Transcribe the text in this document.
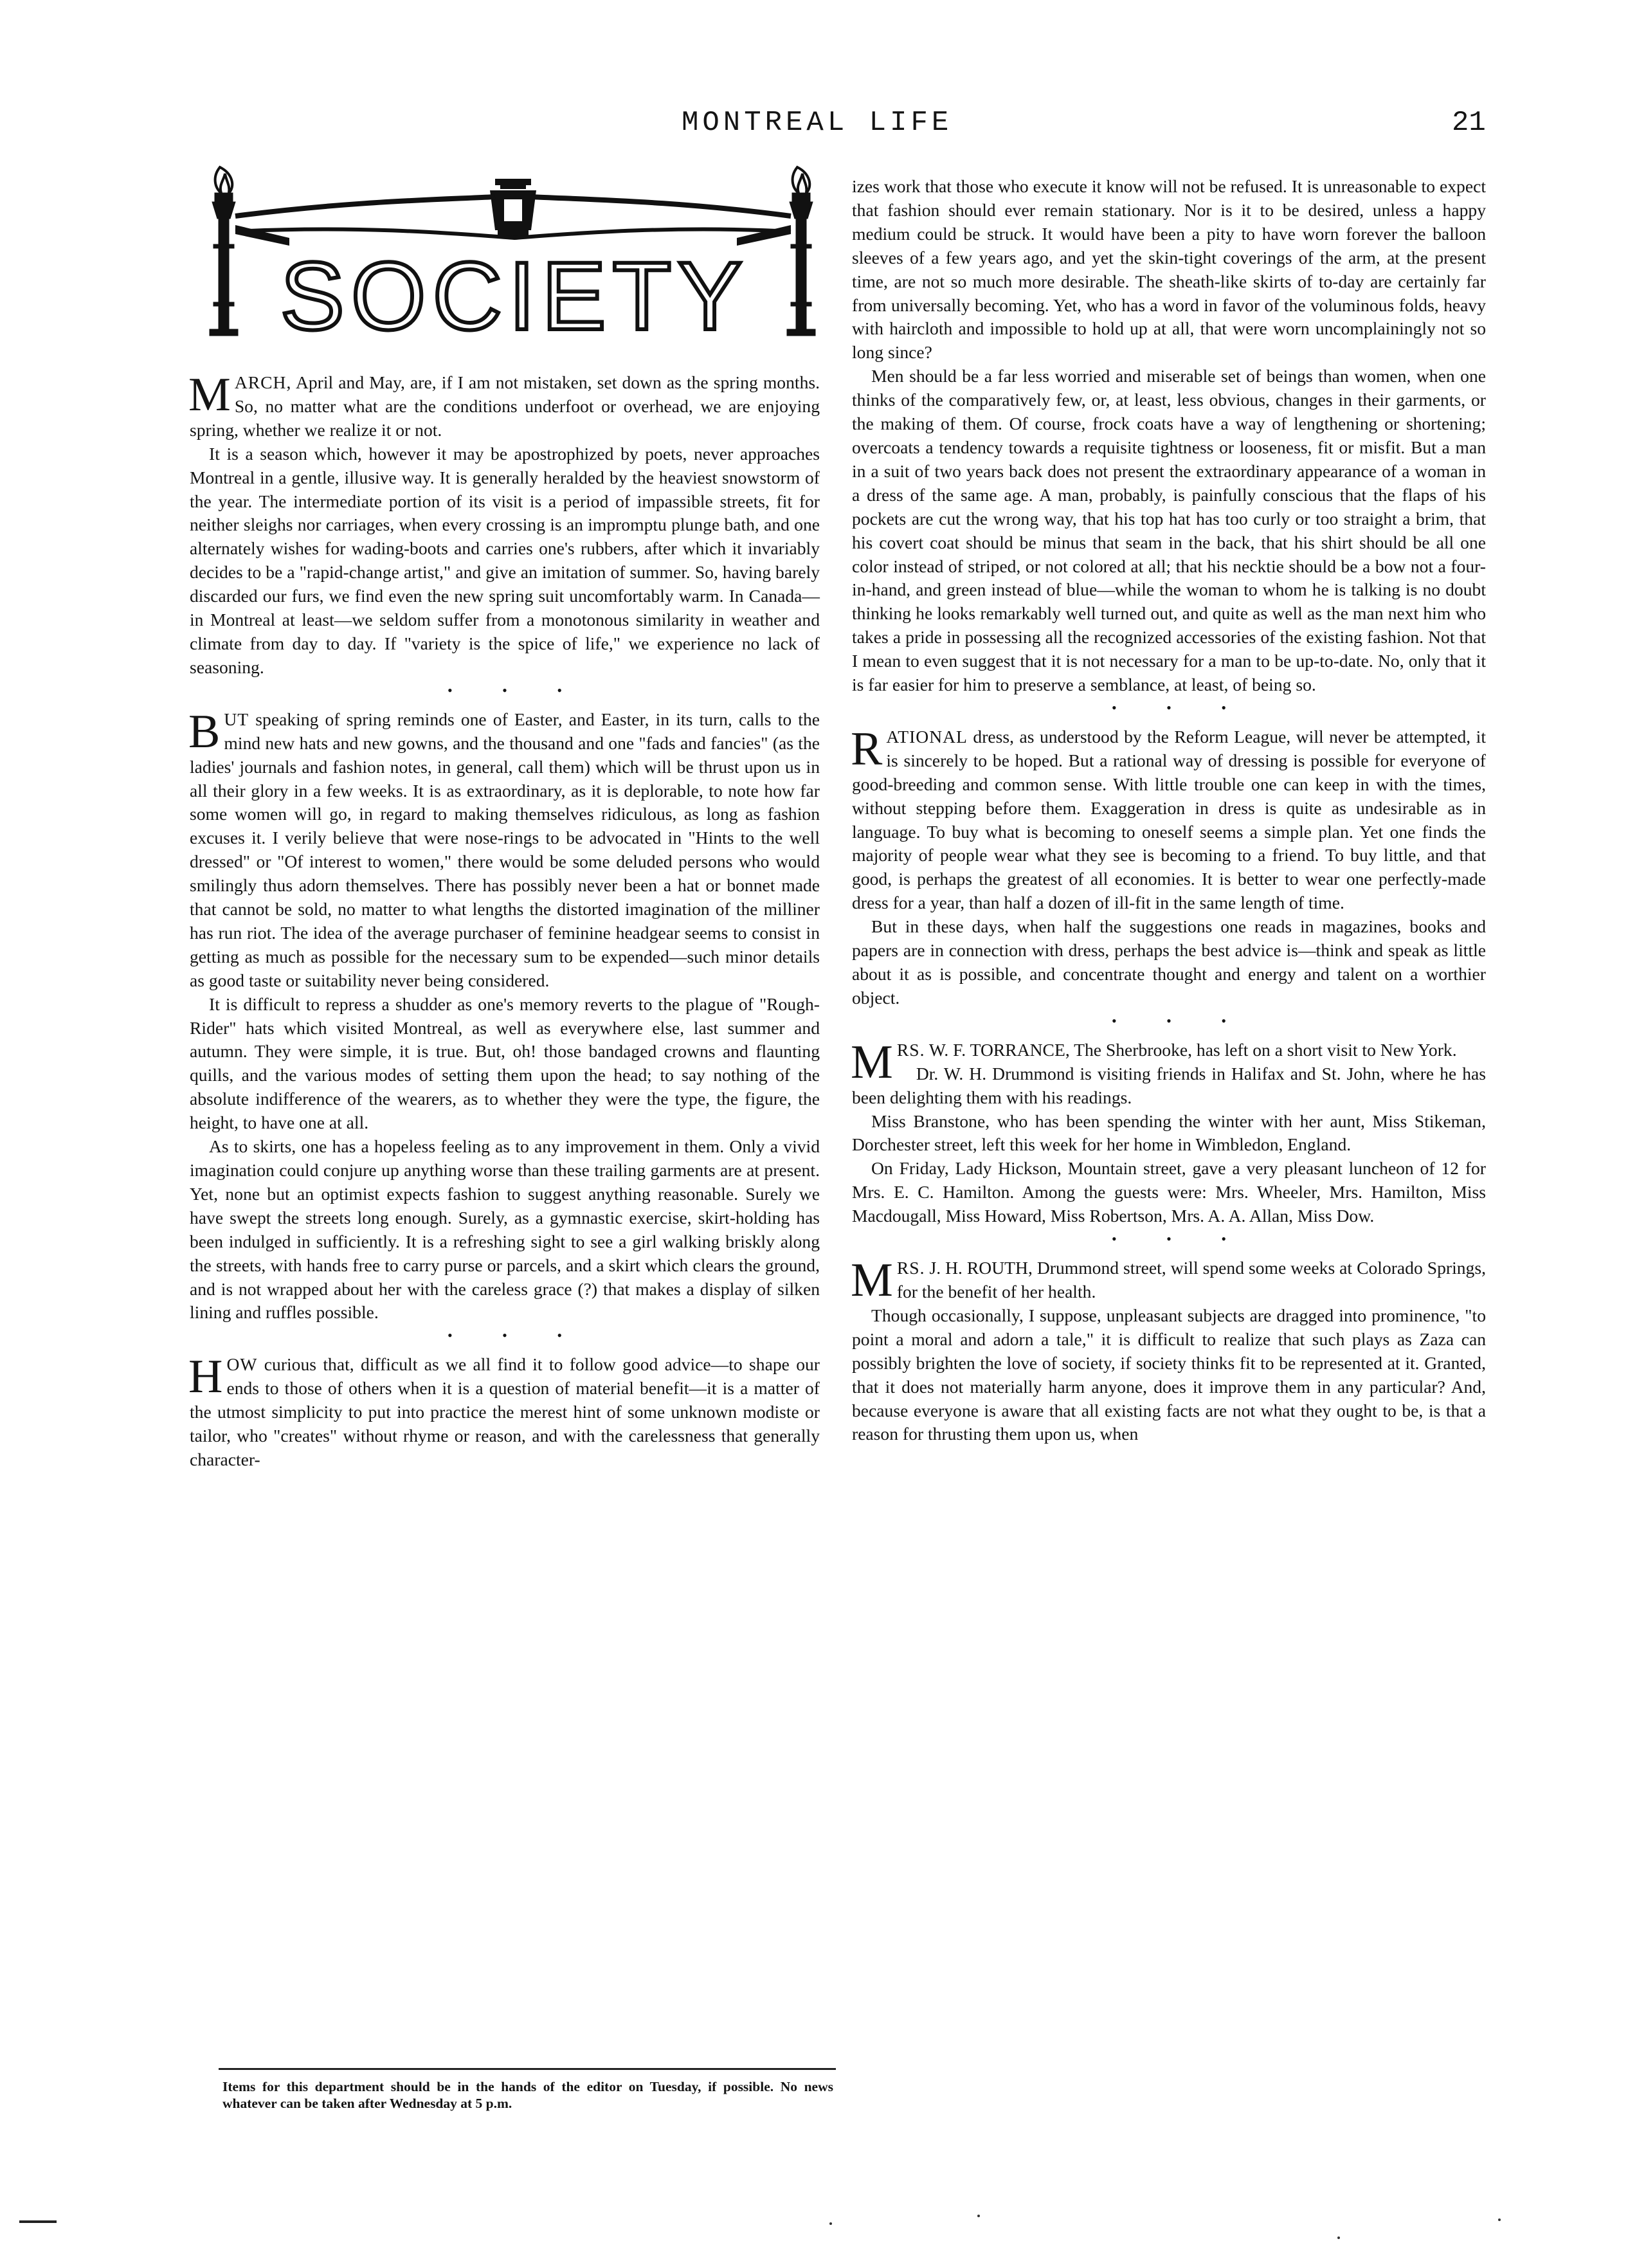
MONTREAL LIFE	21
SOCIETY

MARCH, April and May, are, if I am not mistaken, set down as the spring months. So, no matter what are the conditions underfoot or overhead, we are enjoying spring, whether we realize it or not.

It is a season which, however it may be apostrophized by poets, never approaches Montreal in a gentle, illusive way. It is generally heralded by the heaviest snowstorm of the year. The intermediate portion of its visit is a period of impassible streets, fit for neither sleighs nor carriages, when every crossing is an impromptu plunge bath, and one alternately wishes for wading-boots and carries one's rubbers, after which it invariably decides to be a "rapid-change artist," and give an imitation of summer. So, having barely discarded our furs, we find even the new spring suit uncomfortably warm. In Canada—in Montreal at least—we seldom suffer from a monotonous similarity in weather and climate from day to day. If "variety is the spice of life," we experience no lack of seasoning.

• • •

BUT speaking of spring reminds one of Easter, and Easter, in its turn, calls to the mind new hats and new gowns, and the thousand and one "fads and fancies" (as the ladies' journals and fashion notes, in general, call them) which will be thrust upon us in all their glory in a few weeks. It is as extraordinary, as it is deplorable, to note how far some women will go, in regard to making themselves ridiculous, as long as fashion excuses it. I verily believe that were nose-rings to be advocated in "Hints to the well dressed" or "Of interest to women," there would be some deluded persons who would smilingly thus adorn themselves. There has possibly never been a hat or bonnet made that cannot be sold, no matter to what lengths the distorted imagination of the milliner has run riot. The idea of the average purchaser of feminine headgear seems to consist in getting as much as possible for the necessary sum to be expended—such minor details as good taste or suitability never being considered.

It is difficult to repress a shudder as one's memory reverts to the plague of "Rough-Rider" hats which visited Montreal, as well as everywhere else, last summer and autumn. They were simple, it is true. But, oh! those bandaged crowns and flaunting quills, and the various modes of setting them upon the head; to say nothing of the absolute indifference of the wearers, as to whether they were the type, the figure, the height, to have one at all.

As to skirts, one has a hopeless feeling as to any improvement in them. Only a vivid imagination could conjure up anything worse than these trailing garments are at present. Yet, none but an optimist expects fashion to suggest anything reasonable. Surely we have swept the streets long enough. Surely, as a gymnastic exercise, skirt-holding has been indulged in sufficiently. It is a refreshing sight to see a girl walking briskly along the streets, with hands free to carry purse or parcels, and a skirt which clears the ground, and is not wrapped about her with the careless grace (?) that makes a display of silken lining and ruffles possible.

• • •

HOW curious that, difficult as we all find it to follow good advice—to shape our ends to those of others when it is a question of material benefit—it is a matter of the utmost simplicity to put into practice the merest hint of some unknown modiste or tailor, who "creates" without rhyme or reason, and with the carelessness that generally character-

izes work that those who execute it know will not be refused. It is unreasonable to expect that fashion should ever remain stationary. Nor is it to be desired, unless a happy medium could be struck. It would have been a pity to have worn forever the balloon sleeves of a few years ago, and yet the skin-tight coverings of the arm, at the present time, are not so much more desirable. The sheath-like skirts of to-day are certainly far from universally becoming. Yet, who has a word in favor of the voluminous folds, heavy with haircloth and impossible to hold up at all, that were worn uncomplainingly not so long since?

Men should be a far less worried and miserable set of beings than women, when one thinks of the comparatively few, or, at least, less obvious, changes in their garments, or the making of them. Of course, frock coats have a way of lengthening or shortening; overcoats a tendency towards a requisite tightness or looseness, fit or misfit. But a man in a suit of two years back does not present the extraordinary appearance of a woman in a dress of the same age. A man, probably, is painfully conscious that the flaps of his pockets are cut the wrong way, that his top hat has too curly or too straight a brim, that his covert coat should be minus that seam in the back, that his shirt should be all one color instead of striped, or not colored at all; that his necktie should be a bow not a four-in-hand, and green instead of blue—while the woman to whom he is talking is no doubt thinking he looks remarkably well turned out, and quite as well as the man next him who takes a pride in possessing all the recognized accessories of the existing fashion. Not that I mean to even suggest that it is not necessary for a man to be up-to-date. No, only that it is far easier for him to preserve a semblance, at least, of being so.

• • •

RATIONAL dress, as understood by the Reform League, will never be attempted, it is sincerely to be hoped. But a rational way of dressing is possible for everyone of good-breeding and common sense. With little trouble one can keep in with the times, without stepping before them. Exaggeration in dress is quite as undesirable as in language. To buy what is becoming to oneself seems a simple plan. Yet one finds the majority of people wear what they see is becoming to a friend. To buy little, and that good, is perhaps the greatest of all economies. It is better to wear one perfectly-made dress for a year, than half a dozen of ill-fit in the same length of time.

But in these days, when half the suggestions one reads in magazines, books and papers are in connection with dress, perhaps the best advice is—think and speak as little about it as is possible, and concentrate thought and energy and talent on a worthier object.

• • •

MRS. W. F. TORRANCE, The Sherbrooke, has left on a short visit to New York.

Dr. W. H. Drummond is visiting friends in Halifax and St. John, where he has been delighting them with his readings.

Miss Branstone, who has been spending the winter with her aunt, Miss Stikeman, Dorchester street, left this week for her home in Wimbledon, England.

On Friday, Lady Hickson, Mountain street, gave a very pleasant luncheon of 12 for Mrs. E. C. Hamilton. Among the guests were: Mrs. Wheeler, Mrs. Hamilton, Miss Macdougall, Miss Howard, Miss Robertson, Mrs. A. A. Allan, Miss Dow.

• • •

MRS. J. H. ROUTH, Drummond street, will spend some weeks at Colorado Springs, for the benefit of her health.

Though occasionally, I suppose, unpleasant subjects are dragged into prominence, "to point a moral and adorn a tale," it is difficult to realize that such plays as Zaza can possibly brighten the love of society, if society thinks fit to be represented at it. Granted, that it does not materially harm anyone, does it improve them in any particular? And, because everyone is aware that all existing facts are not what they ought to be, is that a reason for thrusting them upon us, when

Items for this department should be in the hands of the editor on Tuesday, if possible. No news whatever can be taken after Wednesday at 5 p.m.
